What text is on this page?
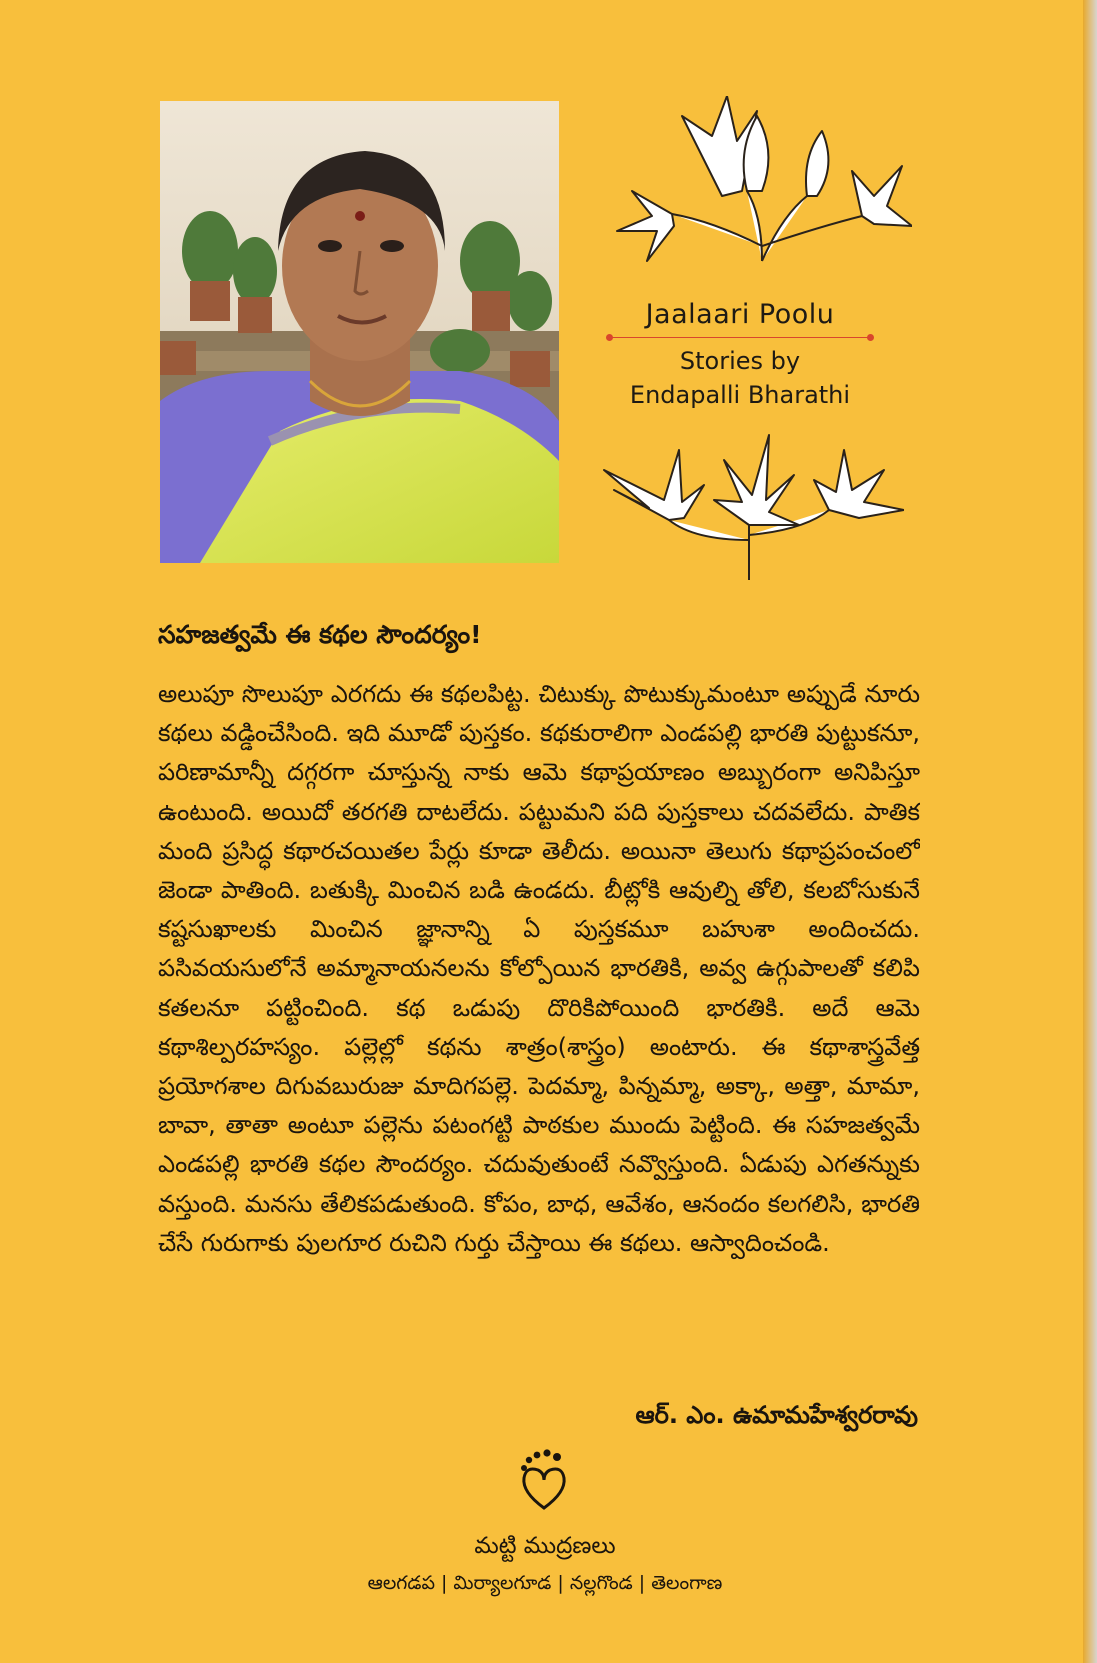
Jaalaari Poolu
Stories by
Endapalli Bharathi
సహజత్వమే ఈ కథల సౌందర్యం!
అలుపూ సొలుపూ ఎరగదు ఈ కథలపిట్ట. చిటుక్కు పొటుక్కుమంటూ అప్పుడే నూరు కథలు వడ్డించేసింది. ఇది మూడో పుస్తకం. కథకురాలిగా ఎండపల్లి భారతి పుట్టుకనూ, పరిణామాన్నీ దగ్గరగా చూస్తున్న నాకు ఆమె కథాప్రయాణం అబ్బురంగా అనిపిస్తూ ఉంటుంది. అయిదో తరగతి దాటలేదు. పట్టుమని పది పుస్తకాలు చదవలేదు. పాతిక మంది ప్రసిద్ధ కథారచయితల పేర్లు కూడా తెలీదు. అయినా తెలుగు కథాప్రపంచంలో జెండా పాతింది. బతుక్కి మించిన బడి ఉండదు. బీట్లోకి ఆవుల్ని తోలి, కలబోసుకునే కష్టసుఖాలకు మించిన జ్ఞానాన్ని ఏ పుస్తకమూ బహుశా అందించదు. పసివయసులోనే అమ్మానాయనలను కోల్పోయిన భారతికి, అవ్వ ఉగ్గుపాలతో కలిపి కతలనూ పట్టించింది. కథ ఒడుపు దొరికిపోయింది భారతికి. అదే ఆమె కథాశిల్పరహస్యం. పల్లెల్లో కథను శాత్రం(శాస్త్రం) అంటారు. ఈ కథాశాస్త్రవేత్త ప్రయోగశాల దిగువబురుజు మాదిగపల్లె. పెదమ్మా, పిన్నమ్మా, అక్కా, అత్తా, మామా, బావా, తాతా అంటూ పల్లెను పటంగట్టి పాఠకుల ముందు పెట్టింది. ఈ సహజత్వమే ఎండపల్లి భారతి కథల సౌందర్యం. చదువుతుంటే నవ్వొస్తుంది. ఏడుపు ఎగతన్నుకు వస్తుంది. మనసు తేలికపడుతుంది. కోపం, బాధ, ఆవేశం, ఆనందం కలగలిసి, భారతి చేసే గురుగాకు పులగూర రుచిని గుర్తు చేస్తాయి ఈ కథలు. ఆస్వాదించండి.
ఆర్. ఎం. ఉమామహేశ్వరరావు
మట్టి ముద్రణలు
ఆలగడప | మిర్యాలగూడ | నల్లగొండ | తెలంగాణ
